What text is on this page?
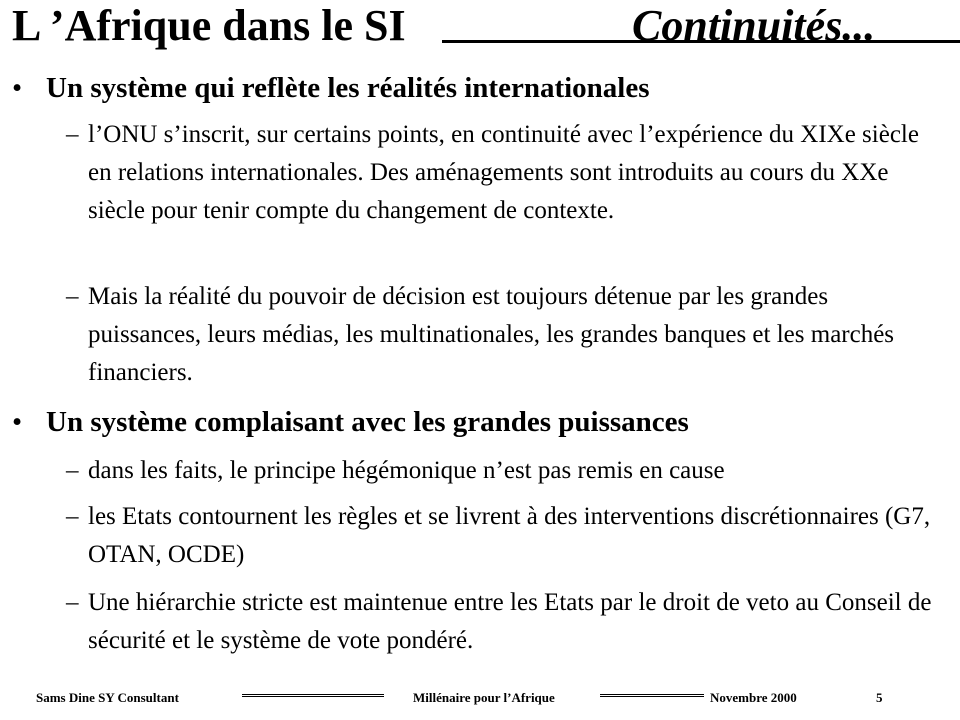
L ’Afrique dans le SI	Continuités...
• Un système qui reflète les réalités internationales
– l’ONU s’inscrit, sur certains points, en continuité avec l’expérience du XIXe siècle en relations internationales. Des aménagements sont introduits au cours du XXe siècle pour tenir compte du changement de contexte.
– Mais la réalité du pouvoir de décision est toujours détenue par les grandes puissances, leurs médias, les multinationales, les grandes banques et les marchés financiers.
• Un système complaisant avec les grandes puissances
– dans les faits, le principe hégémonique n’est pas remis en cause
– les Etats contournent les règles et se livrent à des interventions discrétionnaires (G7, OTAN, OCDE)
– Une hiérarchie stricte est maintenue entre les Etats par le droit de veto au Conseil de sécurité et le système de vote pondéré.
Sams Dine SY Consultant	Millénaire pour l’Afrique	Novembre 2000	5
